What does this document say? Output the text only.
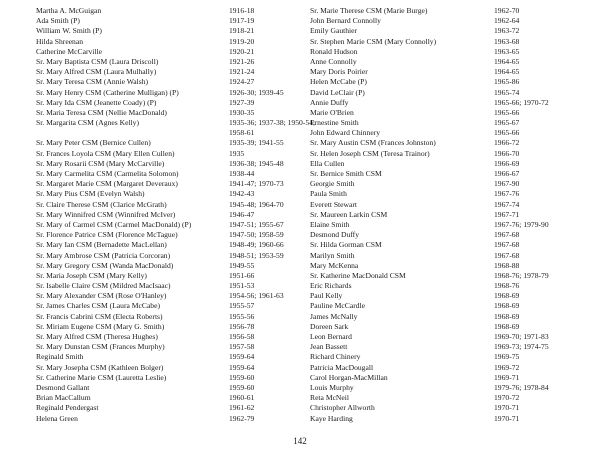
Martha A. McGuigan	1916-18
Ada Smith (P)	1917-19
William W. Smith (P)	1918-21
Hilda Shreenan	1919-20
Catherine McCarville	1920-21
Sr. Mary Baptista CSM (Laura Driscoll)	1921-26
Sr. Mary Alfred CSM (Laura Mulhally)	1921-24
Sr. Mary Teresa CSM (Annie Walsh)	1924-27
Sr. Mary Henry CSM (Catherine Mulligan) (P)	1926-30; 1939-45
Sr. Mary Ida CSM (Jeanette Coady) (P)	1927-39
Sr. Maria Teresa CSM (Nellie MacDonald)	1930-35
Sr. Margarita CSM (Agnes Kelly)	1935-36; 1937-38; 1950-54;
1958-61
Sr. Mary Peter CSM (Bernice Cullen)	1935-39; 1941-55
Sr. Frances Loyola CSM (Mary Ellen Cullen)	1935
Sr. Mary Rosarii CSM (Mary McCarville)	1936-38; 1945-48
Sr. Mary Carmelita CSM (Carmelita Solomon)	1938-44
Sr. Margaret Marie CSM (Margaret Deveraux)	1941-47; 1970-73
Sr. Mary Pius CSM (Evelyn Walsh)	1942-43
Sr. Claire Therese CSM (Clarice McGrath)	1945-48; 1964-70
Sr. Mary Winnifred CSM (Winnifred McIver)	1946-47
Sr. Mary of Carmel CSM (Carmel MacDonald) (P)	1947-51; 1955-67
Sr. Florence Patrice CSM (Florence McTague)	1947-50; 1958-59
Sr. Mary Ian CSM (Bernadette MacLellan)	1948-49; 1960-66
Sr. Mary Ambrose CSM (Patricia Corcoran)	1948-51; 1953-59
Sr. Mary Gregory CSM (Wanda MacDonald)	1949-55
Sr. Maria Joseph CSM (Mary Kelly)	1951-66
Sr. Isabelle Claire CSM (Mildred MacIsaac)	1951-53
Sr. Mary Alexander CSM (Rose O'Hanley)	1954-56; 1961-63
Sr. James Charles CSM (Laura McCabe)	1955-57
Sr. Francis Cabrini CSM (Electa Roberts)	1955-56
Sr. Miriam Eugene CSM (Mary G. Smith)	1956-78
Sr. Mary Alfred CSM (Theresa Hughes)	1956-58
Sr. Mary Dunstan CSM (Frances Murphy)	1957-58
Reginald Smith	1959-64
Sr. Mary Josepha CSM (Kathleen Bolger)	1959-64
Sr. Catherine Marie CSM (Lauretta Leslie)	1959-60
Desmond Gallant	1959-60
Brian MacCallum	1960-61
Reginald Pendergast	1961-62
Helena Green	1962-79
Sr. Marie Therese CSM (Marie Burge)	1962-70
John Bernard Connolly	1962-64
Emily Gauthier	1963-72
Sr. Stephen Marie CSM (Mary Connolly)	1963-68
Ronald Hudson	1963-65
Anne Connolly	1964-65
Mary Doris Poirier	1964-65
Helen McCabe (P)	1965-86
David LeClair (P)	1965-74
Annie Duffy	1965-66; 1970-72
Marie O'Brien	1965-66
Ernestine Smith	1965-67
John Edward Chinnery	1965-66
Sr. Mary Austin CSM (Frances Johnston)	1966-72
Sr. Helen Joseph CSM (Teresa Trainor)	1966-70
Ella Cullen	1966-69
Sr. Bernice Smith CSM	1966-67
Georgie Smith	1967-90
Paula Smith	1967-76
Everett Stewart	1967-74
Sr. Maureen Larkin CSM	1967-71
Elaine Smith	1967-76; 1979-90
Desmond Duffy	1967-68
Sr. Hilda Gorman CSM	1967-68
Marilyn Smith	1967-68
Mary McKenna	1968-88
Sr. Katherine MacDonald CSM	1968-76; 1978-79
Eric Richards	1968-76
Paul Kelly	1968-69
Pauline McCardle	1968-69
James McNally	1968-69
Doreen Sark	1968-69
Leon Bernard	1969-70; 1971-83
Jean Bassett	1969-73; 1974-75
Richard Chinery	1969-75
Patricia MacDougall	1969-72
Carol Horgan-MacMillan	1969-71
Louis Murphy	1979-76; 1978-84
Reta McNeil	1970-72
Christopher Allworth	1970-71
Kaye Harding	1970-71
142
